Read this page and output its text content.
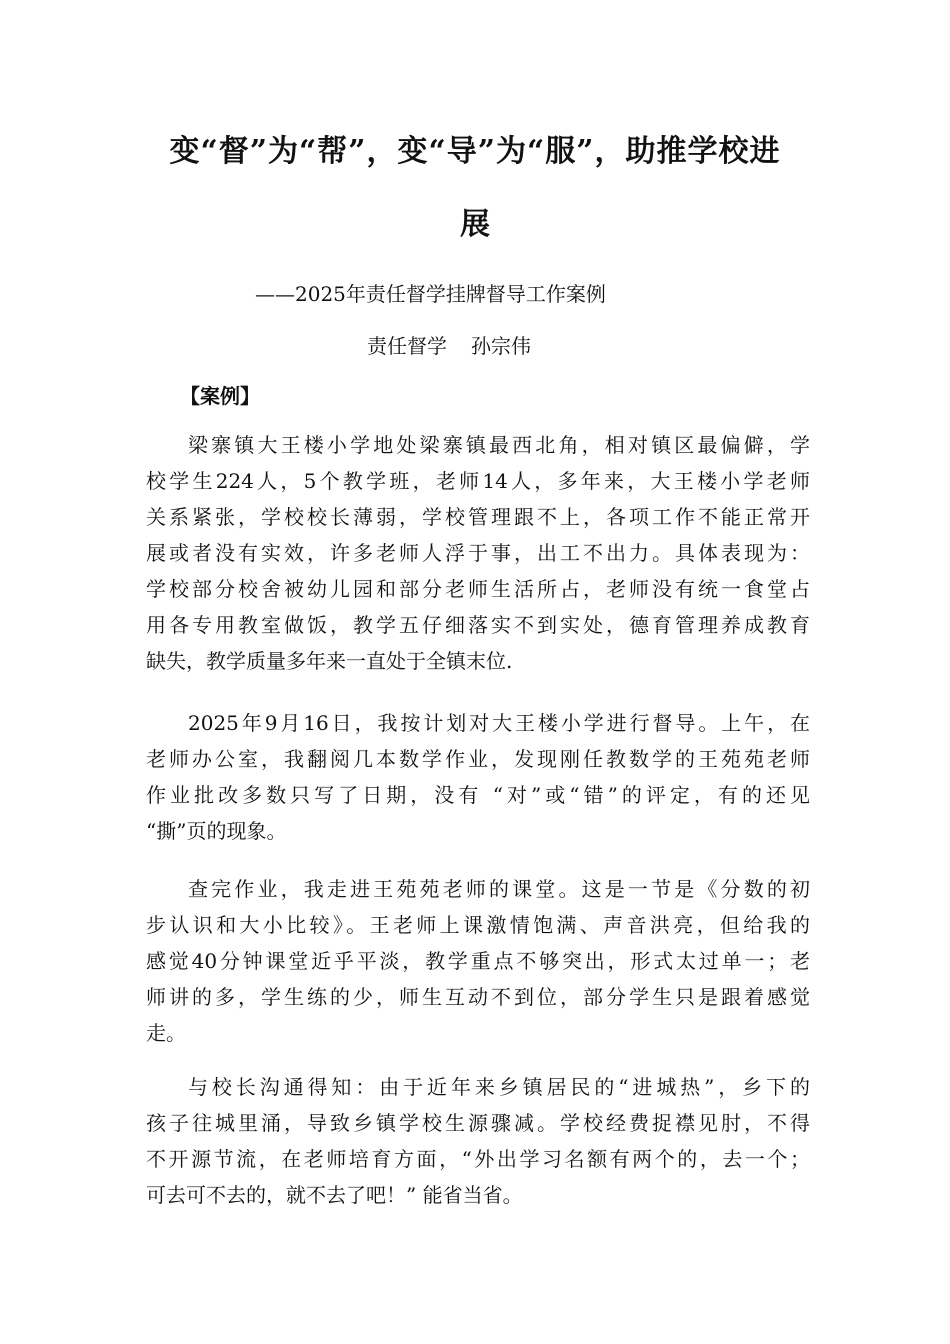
变“督”为“帮”，变“导”为“服”，助推学校进
展
——2025年责任督学挂牌督导工作案例
责任督学 孙宗伟
【案例】
梁寨镇大王楼小学地处梁寨镇最西北角，相对镇区最偏僻，学
校学生224人，5个教学班，老师14人，多年来，大王楼小学老师
关系紧张，学校校长薄弱，学校管理跟不上，各项工作不能正常开
展或者没有实效，许多老师人浮于事，出工不出力。具体表现为：
学校部分校舍被幼儿园和部分老师生活所占，老师没有统一食堂占
用各专用教室做饭，教学五仔细落实不到实处，德育管理养成教育
缺失，教学质量多年来一直处于全镇末位.
2025年9月16日，我按计划对大王楼小学进行督导。上午，在
老师办公室，我翻阅几本数学作业，发现刚任教数学的王苑苑老师
作业批改多数只写了日期，没有 “对”或“错”的评定，有的还见
“撕”页的现象。
查完作业，我走进王苑苑老师的课堂。这是一节是《分数的初
步认识和大小比较》。王老师上课激情饱满、声音洪亮，但给我的
感觉40分钟课堂近乎平淡，教学重点不够突出，形式太过单一；老
师讲的多，学生练的少，师生互动不到位，部分学生只是跟着感觉
走。
与校长沟通得知：由于近年来乡镇居民的“进城热”，乡下的
孩子往城里涌，导致乡镇学校生源骤减。学校经费捉襟见肘，不得
不开源节流，在老师培育方面，“外出学习名额有两个的，去一个；
可去可不去的，就不去了吧！” 能省当省。
